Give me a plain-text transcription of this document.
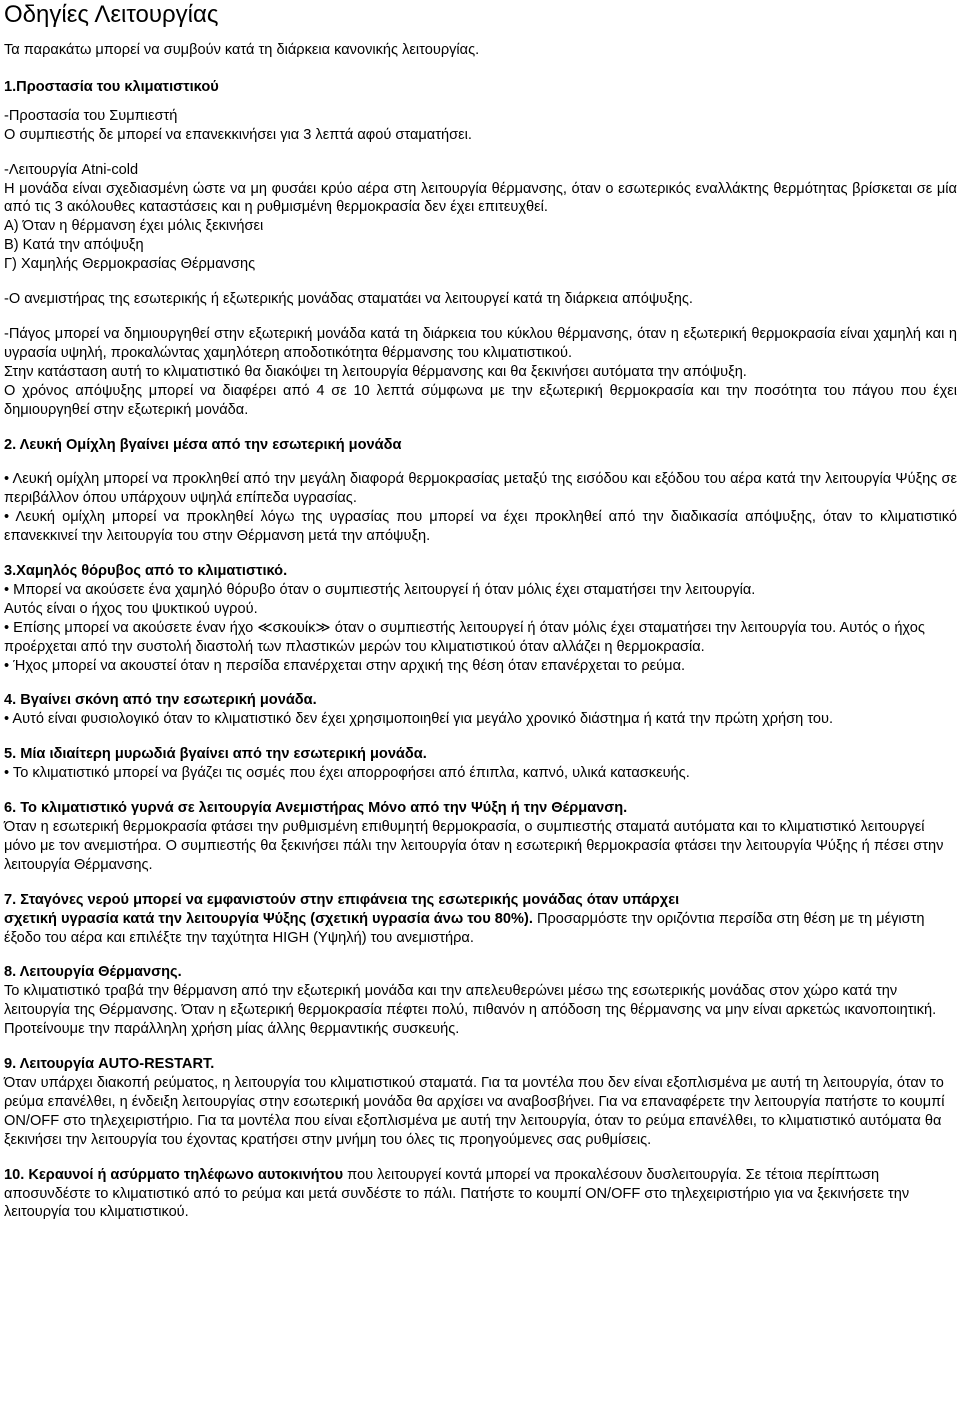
Οδηγίες Λειτουργίας

Τα παρακάτω μπορεί να συμβούν κατά τη διάρκεια κανονικής λειτουργίας.

1.Προστασία του κλιματιστικού

-Προστασία του Συμπιεστή

Ο συμπιεστής δε μπορεί να επανεκκινήσει για 3 λεπτά αφού σταματήσει.

-Λειτουργία Atni-cold

Η μονάδα είναι σχεδιασμένη ώστε να μη φυσάει κρύο αέρα στη λειτουργία θέρμανσης, όταν ο εσωτερικός εναλλάκτης θερμότητας βρίσκεται σε μία από τις 3 ακόλουθες καταστάσεις και η ρυθμισμένη θερμοκρασία δεν έχει επιτευχθεί.

Α) Όταν η θέρμανση έχει μόλις ξεκινήσει

Β) Κατά την απόψυξη

Γ) Χαμηλής Θερμοκρασίας Θέρμανσης

-Ο ανεμιστήρας της εσωτερικής ή εξωτερικής μονάδας σταματάει να λειτουργεί κατά τη διάρκεια απόψυξης.

-Πάγος μπορεί να δημιουργηθεί στην εξωτερική μονάδα κατά τη διάρκεια του κύκλου θέρμανσης, όταν η εξωτερική θερμοκρασία είναι χαμηλή και η υγρασία υψηλή, προκαλώντας χαμηλότερη αποδοτικότητα θέρμανσης του κλιματιστικού.

Στην κατάσταση αυτή το κλιματιστικό θα διακόψει τη λειτουργία θέρμανσης και θα ξεκινήσει αυτόματα την απόψυξη.

Ο χρόνος απόψυξης μπορεί να διαφέρει από 4 σε 10 λεπτά σύμφωνα με την εξωτερική θερμοκρασία και την ποσότητα του πάγου που έχει δημιουργηθεί στην εξωτερική μονάδα.

2. Λευκή Ομίχλη βγαίνει μέσα από την εσωτερική μονάδα

• Λευκή ομίχλη μπορεί να προκληθεί από την μεγάλη διαφορά θερμοκρασίας μεταξύ της εισόδου και εξόδου του αέρα κατά την λειτουργία Ψύξης σε περιβάλλον όπου υπάρχουν υψηλά επίπεδα υγρασίας.

• Λευκή ομίχλη μπορεί να προκληθεί λόγω της υγρασίας που μπορεί να έχει προκληθεί από την διαδικασία απόψυξης, όταν το κλιματιστικό επανεκκινεί την λειτουργία του στην Θέρμανση μετά την απόψυξη.

3.Χαμηλός θόρυβος από το κλιματιστικό.

• Μπορεί να ακούσετε ένα χαμηλό θόρυβο όταν ο συμπιεστής λειτουργεί ή όταν μόλις έχει σταματήσει την λειτουργία.

Αυτός είναι ο ήχος του ψυκτικού υγρού.

• Επίσης μπορεί να ακούσετε έναν ήχο ≪σκουίκ≫ όταν ο συμπιεστής λειτουργεί ή όταν μόλις έχει σταματήσει την λειτουργία του. Αυτός ο ήχος προέρχεται από την συστολή διαστολή των πλαστικών μερών του κλιματιστικού όταν αλλάζει η θερμοκρασία.

• Ήχος μπορεί να ακουστεί όταν η περσίδα επανέρχεται στην αρχική της θέση όταν επανέρχεται το ρεύμα.

4. Βγαίνει σκόνη από την εσωτερική μονάδα.

• Αυτό είναι φυσιολογικό όταν το κλιματιστικό δεν έχει χρησιμοποιηθεί για μεγάλο χρονικό διάστημα ή κατά την πρώτη χρήση του.

5. Μία ιδιαίτερη μυρωδιά βγαίνει από την εσωτερική μονάδα.

• Το κλιματιστικό μπορεί να βγάζει τις οσμές που έχει απορροφήσει από έπιπλα, καπνό, υλικά κατασκευής.

6. Το κλιματιστικό γυρνά σε λειτουργία Ανεμιστήρας Μόνο από την Ψύξη ή την Θέρμανση.

Όταν η εσωτερική θερμοκρασία φτάσει την ρυθμισμένη επιθυμητή θερμοκρασία, ο συμπιεστής σταματά αυτόματα και το κλιματιστικό λειτουργεί μόνο με τον ανεμιστήρα. Ο συμπιεστής θα ξεκινήσει πάλι την λειτουργία όταν η εσωτερική θερμοκρασία φτάσει την λειτουργία Ψύξης ή πέσει στην λειτουργία Θέρμανσης.

7. Σταγόνες νερού μπορεί να εμφανιστούν στην επιφάνεια της εσωτερικής μονάδας όταν υπάρχει

σχετική υγρασία κατά την λειτουργία Ψύξης (σχετική υγρασία άνω του 80%). Προσαρμόστε την οριζόντια περσίδα στη θέση με τη μέγιστη έξοδο του αέρα και επιλέξτε την ταχύτητα HIGH (Υψηλή) του ανεμιστήρα.

8. Λειτουργία Θέρμανσης.

Το κλιματιστικό τραβά την θέρμανση από την εξωτερική μονάδα και την απελευθερώνει μέσω της εσωτερικής μονάδας στον χώρο κατά την λειτουργία της Θέρμανσης. Όταν η εξωτερική θερμοκρασία πέφτει πολύ, πιθανόν η απόδοση της θέρμανσης να μην είναι αρκετώς ικανοποιητική.

Προτείνουμε την παράλληλη χρήση μίας άλλης θερμαντικής συσκευής.

9. Λειτουργία AUTO-RESTART.

Όταν υπάρχει διακοπή ρεύματος, η λειτουργία του κλιματιστικού σταματά. Για τα μοντέλα που δεν είναι εξοπλισμένα με αυτή τη λειτουργία, όταν το ρεύμα επανέλθει, η ένδειξη λειτουργίας στην εσωτερική μονάδα θα αρχίσει να αναβοσβήνει. Για να επαναφέρετε την λειτουργία πατήστε το κουμπί ON/OFF στο τηλεχειριστήριο. Για τα μοντέλα που είναι εξοπλισμένα με αυτή την λειτουργία, όταν το ρεύμα επανέλθει, το κλιματιστικό αυτόματα θα ξεκινήσει την λειτουργία του έχοντας κρατήσει στην μνήμη του όλες τις προηγούμενες σας ρυθμίσεις.

10. Κεραυνοί ή ασύρματο τηλέφωνο αυτοκινήτου που λειτουργεί κοντά μπορεί να προκαλέσουν δυσλειτουργία. Σε τέτοια περίπτωση αποσυνδέστε το κλιματιστικό από το ρεύμα και μετά συνδέστε το πάλι. Πατήστε το κουμπί ON/OFF στο τηλεχειριστήριο για να ξεκινήσετε την λειτουργία του κλιματιστικού.
